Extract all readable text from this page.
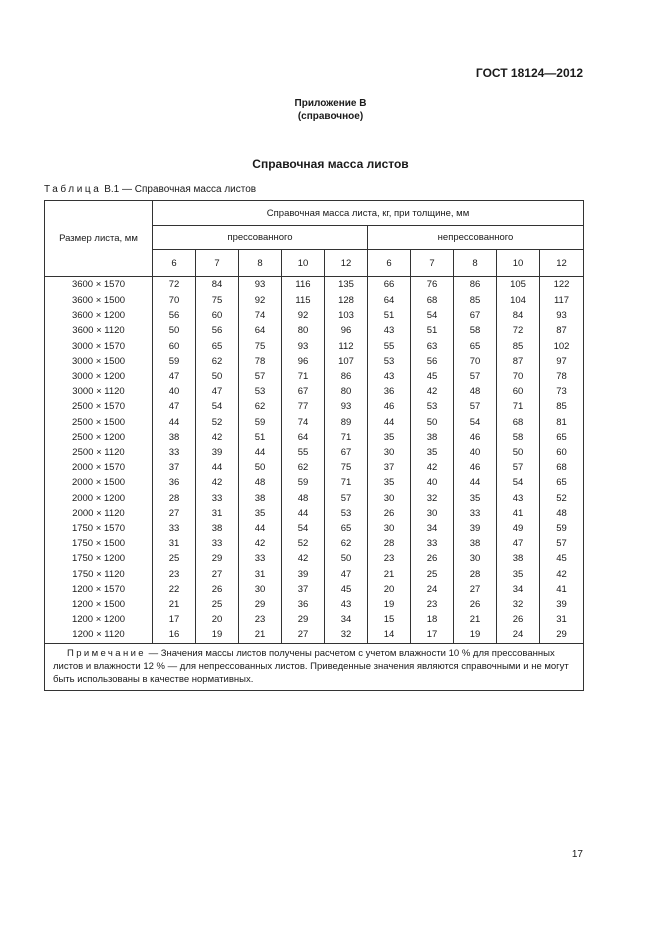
ГОСТ 18124—2012
Приложение В
(справочное)
Справочная масса листов
Таблица В.1 — Справочная масса листов
Размер листа, мм	Справочная масса листа, кг, при толщине, мм									
	прессованного					непрессованного				
	6	7	8	10	12	6	7	8	10	12
3600 × 1570	72	84	93	116	135	66	76	86	105	122
3600 × 1500	70	75	92	115	128	64	68	85	104	117
3600 × 1200	56	60	74	92	103	51	54	67	84	93
3600 × 1120	50	56	64	80	96	43	51	58	72	87
3000 × 1570	60	65	75	93	112	55	63	65	85	102
3000 × 1500	59	62	78	96	107	53	56	70	87	97
3000 × 1200	47	50	57	71	86	43	45	57	70	78
3000 × 1120	40	47	53	67	80	36	42	48	60	73
2500 × 1570	47	54	62	77	93	46	53	57	71	85
2500 × 1500	44	52	59	74	89	44	50	54	68	81
2500 × 1200	38	42	51	64	71	35	38	46	58	65
2500 × 1120	33	39	44	55	67	30	35	40	50	60
2000 × 1570	37	44	50	62	75	37	42	46	57	68
2000 × 1500	36	42	48	59	71	35	40	44	54	65
2000 × 1200	28	33	38	48	57	30	32	35	43	52
2000 × 1120	27	31	35	44	53	26	30	33	41	48
1750 × 1570	33	38	44	54	65	30	34	39	49	59
1750 × 1500	31	33	42	52	62	28	33	38	47	57
1750 × 1200	25	29	33	42	50	23	26	30	38	45
1750 × 1120	23	27	31	39	47	21	25	28	35	42
1200 × 1570	22	26	30	37	45	20	24	27	34	41
1200 × 1500	21	25	29	36	43	19	23	26	32	39
1200 × 1200	17	20	23	29	34	15	18	21	26	31
1200 × 1120	16	19	21	27	32	14	17	19	24	29
Примечание — Значения массы листов получены расчетом с учетом влажности 10 % для прессованных листов и влажности 12 % — для непрессованных листов. Приведенные значения являются справочными и не могут быть использованы в качестве нормативных.										
17
